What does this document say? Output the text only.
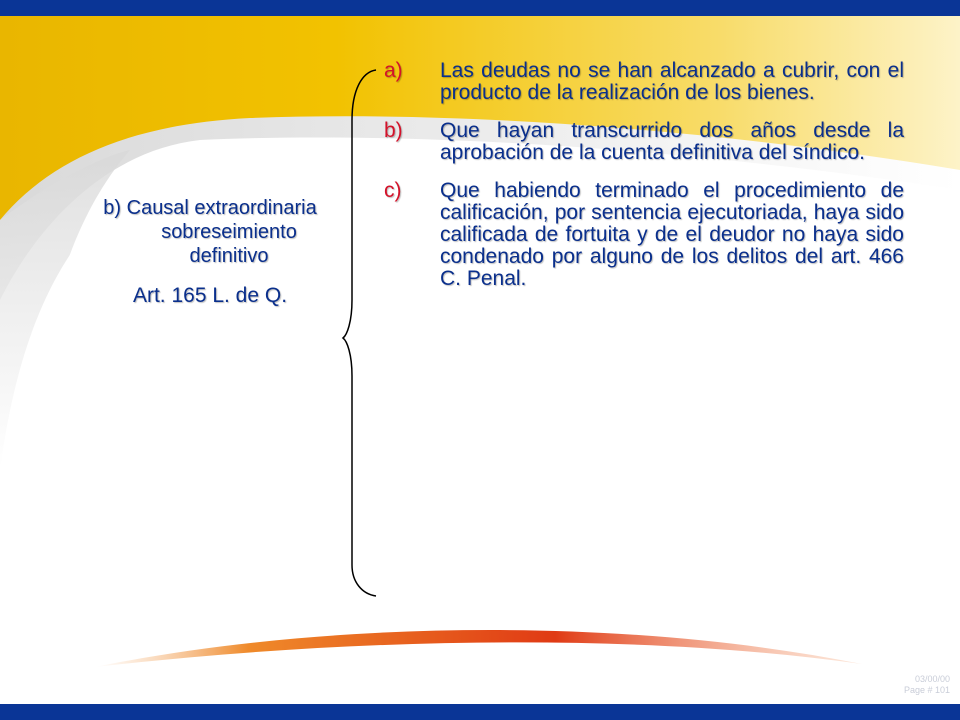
b) Causal extraordinaria
sobreseimiento
definitivo
Art. 165 L. de Q.
a) Las deudas no se han alcanzado a cubrir, con el producto de la realización de los bienes.
b) Que hayan transcurrido dos años desde la aprobación de la cuenta definitiva del síndico.
c) Que habiendo terminado el procedimiento de calificación, por sentencia ejecutoriada, haya sido calificada de fortuita y de el deudor no haya sido condenado por alguno de los delitos del art. 466 C. Penal.
03/00/00
Page # 101
